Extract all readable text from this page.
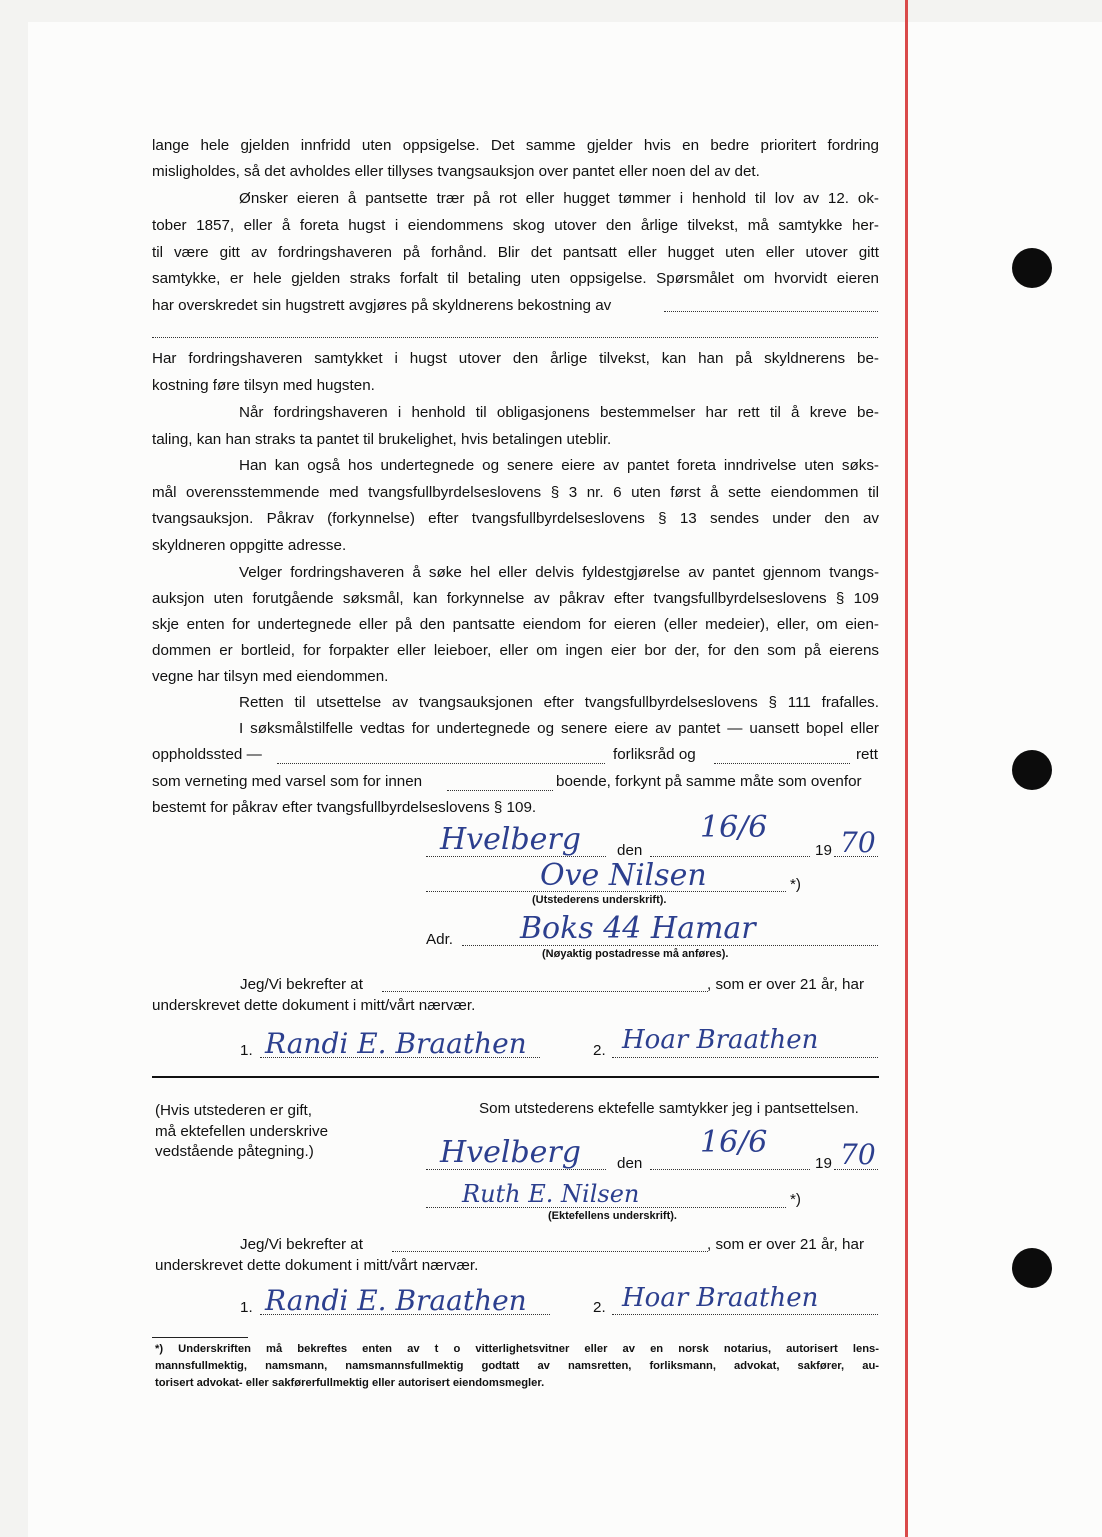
lange hele gjelden innfridd uten oppsigelse. Det samme gjelder hvis en bedre prioritert fordring
misligholdes, så det avholdes eller tillyses tvangsauksjon over pantet eller noen del av det.
Ønsker eieren å pantsette trær på rot eller hugget tømmer i henhold til lov av 12. ok-
tober 1857, eller å foreta hugst i eiendommens skog utover den årlige tilvekst, må samtykke her-
til være gitt av fordringshaveren på forhånd. Blir det pantsatt eller hugget uten eller utover gitt
samtykke, er hele gjelden straks forfalt til betaling uten oppsigelse. Spørsmålet om hvorvidt eieren
har overskredet sin hugstrett avgjøres på skyldnerens bekostning av
Har fordringshaveren samtykket i hugst utover den årlige tilvekst, kan han på skyldnerens be-
kostning føre tilsyn med hugsten.
Når fordringshaveren i henhold til obligasjonens bestemmelser har rett til å kreve be-
taling, kan han straks ta pantet til brukelighet, hvis betalingen uteblir.
Han kan også hos undertegnede og senere eiere av pantet foreta inndrivelse uten søks-
mål overensstemmende med tvangsfullbyrdelseslovens § 3 nr. 6 uten først å sette eiendommen til
tvangsauksjon. Påkrav (forkynnelse) efter tvangsfullbyrdelseslovens § 13 sendes under den av
skyldneren oppgitte adresse.
Velger fordringshaveren å søke hel eller delvis fyldestgjørelse av pantet gjennom tvangs-
auksjon uten forutgående søksmål, kan forkynnelse av påkrav efter tvangsfullbyrdelseslovens § 109
skje enten for undertegnede eller på den pantsatte eiendom for eieren (eller medeier), eller, om eien-
dommen er bortleid, for forpakter eller leieboer, eller om ingen eier bor der, for den som på eierens
vegne har tilsyn med eiendommen.
Retten til utsettelse av tvangsauksjonen efter tvangsfullbyrdelseslovens § 111 frafalles.
I søksmålstilfelle vedtas for undertegnede og senere eiere av pantet — uansett bopel eller
oppholdssted —	forliksråd og	rett
som verneting med varsel som for innen	boende, forkynt på samme måte som ovenfor
bestemt for påkrav efter tvangsfullbyrdelseslovens § 109.
Hvelberg den
16/6
19 70
Ove Nilsen	*)
(Utstederens underskrift).
Adr. Boks 44 Hamar
(Nøyaktig postadresse må anføres).
Jeg/Vi bekrefter at	, som er over 21 år, har
underskrevet dette dokument i mitt/vårt nærvær.
1. Randi E. Braathen	2. Hoar Braathen
(Hvis utstederen er gift,
må ektefellen underskrive
vedstående påtegning.)
Som utstederens ektefelle samtykker jeg i pantsettelsen.
Hvelberg den
16/6
19 70
Ruth E. Nilsen	*)
(Ektefellens underskrift).
Jeg/Vi bekrefter at	, som er over 21 år, har
underskrevet dette dokument i mitt/vårt nærvær.
1. Randi E. Braathen	2. Hoar Braathen
*) Underskriften må bekreftes enten av t o vitterlighetsvitner eller av en norsk notarius, autorisert lens-
mannsfullmektig, namsmann, namsmannsfullmektig godtatt av namsretten, forliksmann, advokat, sakfører, au-
torisert advokat- eller sakførerfullmektig eller autorisert eiendomsmegler.
